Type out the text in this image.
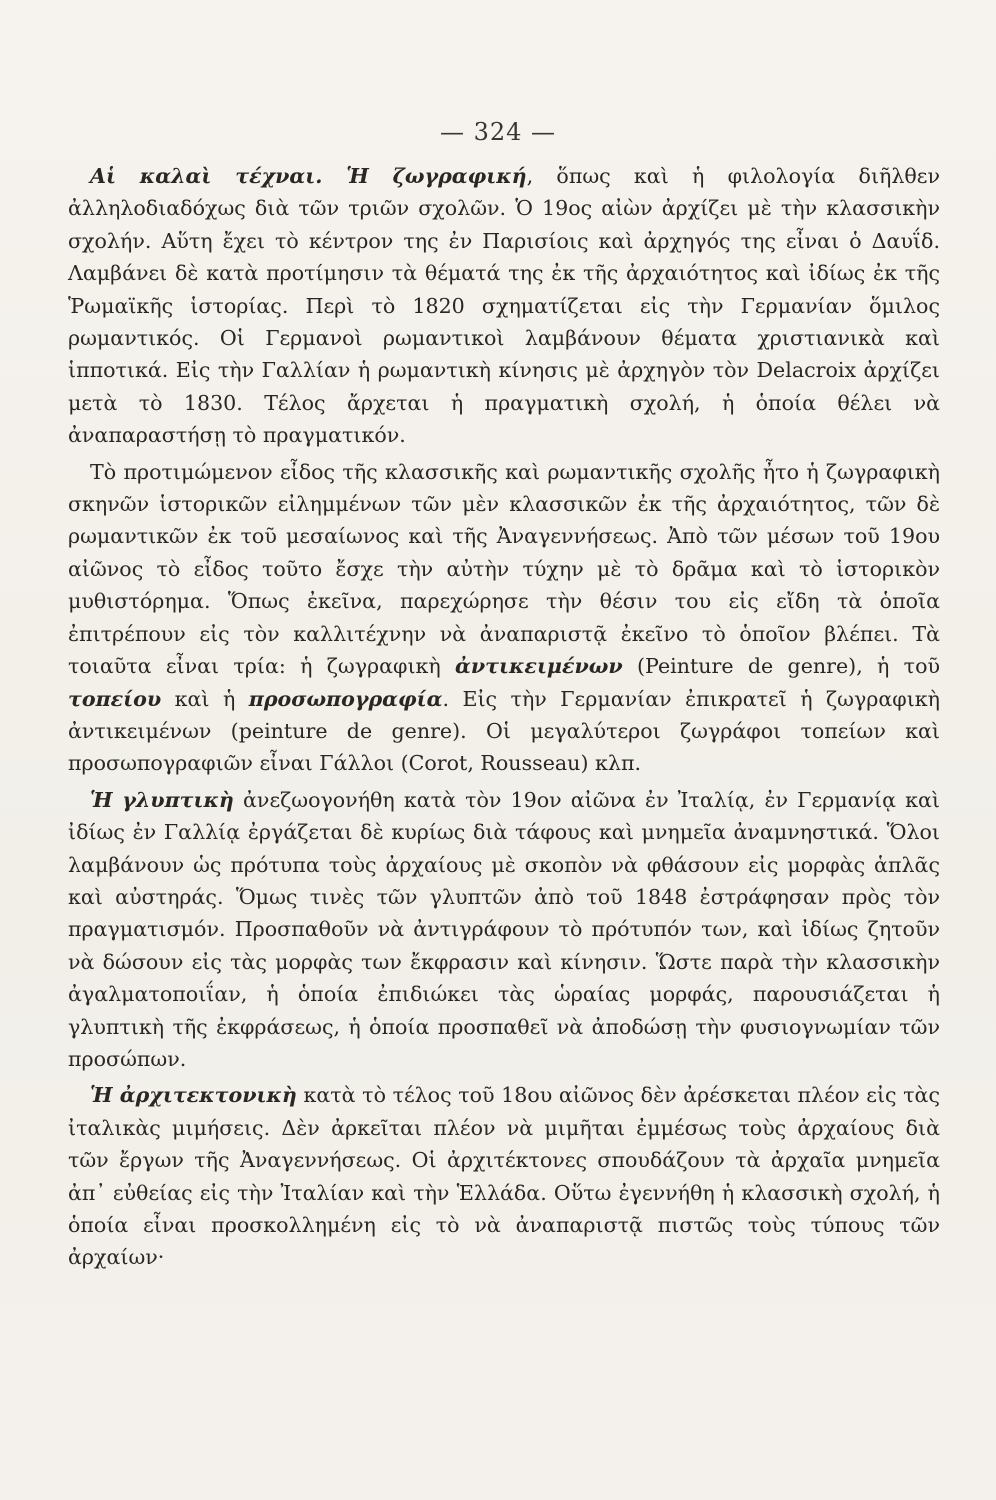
— 324 —

Αἱ καλαὶ τέχναι. Ἡ ζωγραφική, ὅπως καὶ ἡ φιλολογία διῆλθεν ἀλληλοδιαδόχως διὰ τῶν τριῶν σχολῶν. Ὁ 19ος αἰὼν ἀρχίζει μὲ τὴν κλασσικὴν σχολήν. Αὕτη ἔχει τὸ κέντρον της ἐν Παρισίοις καὶ ἀρχηγός της εἶναι ὁ Δαυΐδ. Λαμβάνει δὲ κατὰ προτίμησιν τὰ θέματά της ἐκ τῆς ἀρχαιότητος καὶ ἰδίως ἐκ τῆς Ῥωμαϊκῆς ἱστορίας. Περὶ τὸ 1820 σχηματίζεται εἰς τὴν Γερμανίαν ὅμιλος ρωμαντικός. Οἱ Γερμανοὶ ρωμαντικοὶ λαμβάνουν θέματα χριστιανικὰ καὶ ἱπποτικά. Εἰς τὴν Γαλλίαν ἡ ρωμαντικὴ κίνησις μὲ ἀρχηγὸν τὸν Delacroix ἀρχίζει μετὰ τὸ 1830. Τέλος ἄρχεται ἡ πραγματικὴ σχολή, ἡ ὁποία θέλει νὰ ἀναπαραστήσῃ τὸ πραγματικόν.

Τὸ προτιμώμενον εἶδος τῆς κλασσικῆς καὶ ρωμαντικῆς σχολῆς ἦτο ἡ ζωγραφικὴ σκηνῶν ἱστορικῶν εἰλημμένων τῶν μὲν κλασσικῶν ἐκ τῆς ἀρχαιότητος, τῶν δὲ ρωμαντικῶν ἐκ τοῦ μεσαίωνος καὶ τῆς Ἀναγεννήσεως. Ἀπὸ τῶν μέσων τοῦ 19ου αἰῶνος τὸ εἶδος τοῦτο ἔσχε τὴν αὐτὴν τύχην μὲ τὸ δρᾶμα καὶ τὸ ἱστορικὸν μυθιστόρημα. Ὅπως ἐκεῖνα, παρεχώρησε τὴν θέσιν του εἰς εἴδη τὰ ὁποῖα ἐπιτρέπουν εἰς τὸν καλλιτέχνην νὰ ἀναπαριστᾷ ἐκεῖνο τὸ ὁποῖον βλέπει. Τὰ τοιαῦτα εἶναι τρία: ἡ ζωγραφικὴ ἀντικειμένων (Peinture de genre), ἡ τοῦ τοπείου καὶ ἡ προσωπογραφία. Εἰς τὴν Γερμανίαν ἐπικρατεῖ ἡ ζωγραφικὴ ἀντικειμένων (peinture de genre). Οἱ μεγαλύτεροι ζωγράφοι τοπείων καὶ προσωπογραφιῶν εἶναι Γάλλοι (Corot, Rousseau) κλπ.

Ἡ γλυπτικὴ ἀνεζωογονήθη κατὰ τὸν 19ον αἰῶνα ἐν Ἰταλίᾳ, ἐν Γερμανίᾳ καὶ ἰδίως ἐν Γαλλίᾳ ἐργάζεται δὲ κυρίως διὰ τάφους καὶ μνημεῖα ἀναμνηστικά. Ὅλοι λαμβάνουν ὡς πρότυπα τοὺς ἀρχαίους μὲ σκοπὸν νὰ φθάσουν εἰς μορφὰς ἁπλᾶς καὶ αὐστηράς. Ὅμως τινὲς τῶν γλυπτῶν ἀπὸ τοῦ 1848 ἐστράφησαν πρὸς τὸν πραγματισμόν. Προσπαθοῦν νὰ ἀντιγράφουν τὸ πρότυπόν των, καὶ ἰδίως ζητοῦν νὰ δώσουν εἰς τὰς μορφὰς των ἔκφρασιν καὶ κίνησιν. Ὥστε παρὰ τὴν κλασσικὴν ἀγαλματοποιΐαν, ἡ ὁποία ἐπιδιώκει τὰς ὡραίας μορφάς, παρουσιάζεται ἡ γλυπτικὴ τῆς ἐκφράσεως, ἡ ὁποία προσπαθεῖ νὰ ἀποδώσῃ τὴν φυσιογνωμίαν τῶν προσώπων.

Ἡ ἀρχιτεκτονικὴ κατὰ τὸ τέλος τοῦ 18ου αἰῶνος δὲν ἀρέσκεται πλέον εἰς τὰς ἰταλικὰς μιμήσεις. Δὲν ἀρκεῖται πλέον νὰ μιμῆται ἐμμέσως τοὺς ἀρχαίους διὰ τῶν ἔργων τῆς Ἀναγεννήσεως. Οἱ ἀρχιτέκτονες σπουδάζουν τὰ ἀρχαῖα μνημεῖα ἀπ᾿ εὐθείας εἰς τὴν Ἰταλίαν καὶ τὴν Ἑλλάδα. Οὕτω ἐγεννήθη ἡ κλασσικὴ σχολή, ἡ ὁποία εἶναι προσκολλημένη εἰς τὸ νὰ ἀναπαριστᾷ πιστῶς τοὺς τύπους τῶν ἀρχαίων·
